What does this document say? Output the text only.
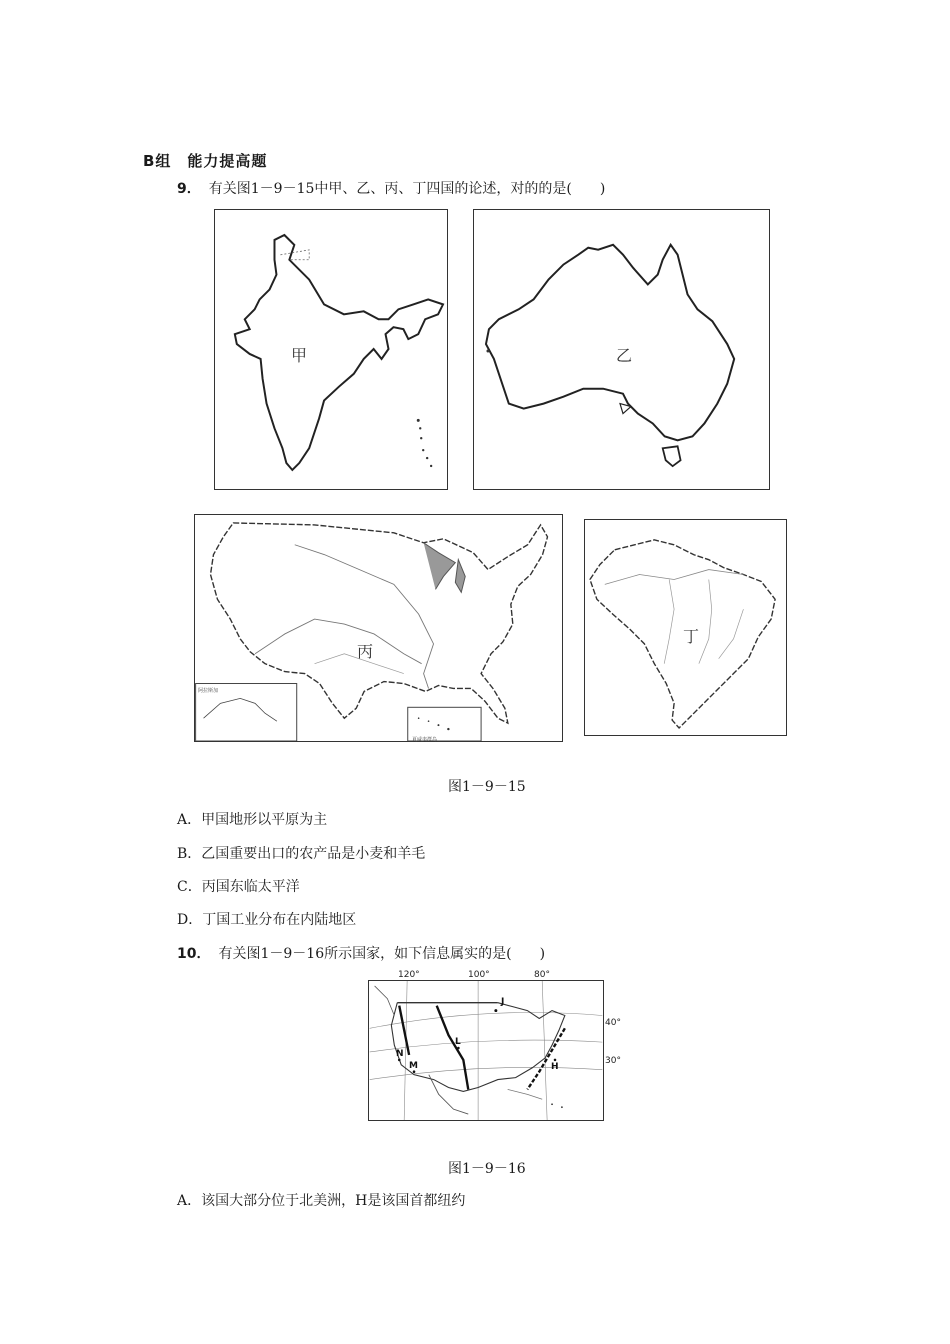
B组　能力提高题
9． 有关图1－9－15中甲、乙、丙、丁四国的论述，对的的是(　　)
甲	乙
丙
阿拉斯加
夏威夷群岛
丁
图1－9－15
A．甲国地形以平原为主
B．乙国重要出口的农产品是小麦和羊毛
C．丙国东临太平洋
D．丁国工业分布在内陆地区
10． 有关图1－9－16所示国家，如下信息属实的是(　　)
120°	100°	80°
40°
30°
J
L
N
M	H
图1－9－16
A．该国大部分位于北美洲，H是该国首都纽约
